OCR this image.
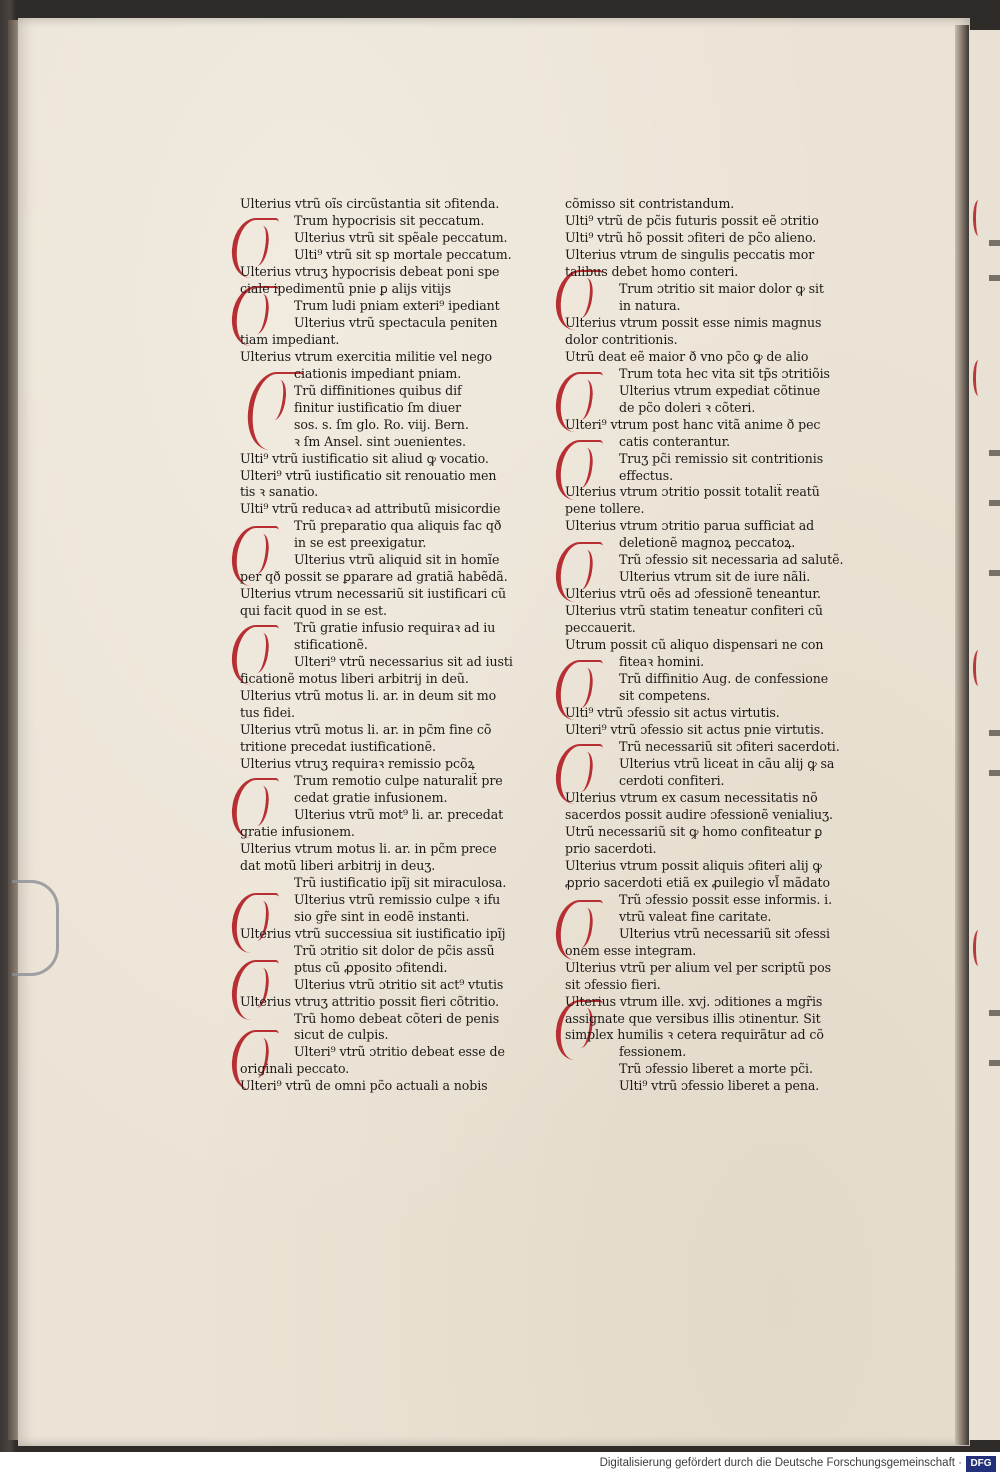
Ulterius vtrũ oĩs circũstantia sit ɔfitenda.
Trum hypocrisis sit peccatum.
Ulterius vtrũ sit spẽale peccatum.
Ulti⁹ vtrũ sit sp mortale peccatum.
Ulterius vtruʒ hypocrisis debeat poni spe
ciale ipedimentũ pnie ꝑ alijs vitijs
Trum ludi pniam exteri⁹ ipediant
Ulterius vtrũ spectacula peniten
tiam impediant.
Ulterius vtrum exercitia militie vel nego
ciationis impediant pniam.
Trũ diffinitiones quibus dif
finitur iustificatio ſm diuer
sos. s. ſm glo. Ro. viij. Bern.
ꝛ ſm Ansel. sint ɔuenientes.
Ulti⁹ vtrũ iustificatio sit aliud ꝙ vocatio.
Ulteri⁹ vtrũ iustificatio sit renouatio men
tis ꝛ sanatio.
Ulti⁹ vtrũ reducaꝛ ad attributũ misicordie
Trũ preparatio qua aliquis fac qð
in se est preexigatur.
Ulterius vtrũ aliquid sit in homĩe
per qð possit se ꝑparare ad gratiã habẽdã.
Ulterius vtrum necessariũ sit iustificari cũ
qui facit quod in se est.
Trũ gratie infusio requiraꝛ ad iu
stificationẽ.
Ulteri⁹ vtrũ necessarius sit ad iusti
ficationẽ motus liberi arbitrij in deũ.
Ulterius vtrũ motus li. ar. in deum sit mo
tus fidei.
Ulterius vtrũ motus li. ar. in pc̃m fine cõ
tritione precedat iustificationẽ.
Ulterius vtruʒ requiraꝛ remissio pcõꝝ
Trum remotio culpe naturalit̃ pre
cedat gratie infusionem.
Ulterius vtrũ mot⁹ li. ar. precedat
gratie infusionem.
Ulterius vtrum motus li. ar. in pc̃m prece
dat motũ liberi arbitrij in deuʒ.
Trũ iustificatio ipĩj sit miraculosa.
Ulterius vtrũ remissio culpe ꝛ ifu
sio gr̃e sint in eodẽ instanti.
Ulterius vtrũ successiua sit iustificatio ipĩj
Trũ ɔtritio sit dolor de pc̃is assũ
ptus cũ ꝓposito ɔfitendi.
Ulterius vtrũ ɔtritio sit act⁹ vtutis
Ulterius vtruʒ attritio possit fieri cõtritio.
Trũ homo debeat cõteri de penis
sicut de culpis.
Ulteri⁹ vtrũ ɔtritio debeat esse de
originali peccato.
Ulteri⁹ vtrũ de omni pc̃o actuali a nobis
cõmisso sit contristandum.
Ulti⁹ vtrũ de pc̃is futuris possit eẽ ɔtritio
Ulti⁹ vtrũ hõ possit ɔfiteri de pc̃o alieno.
Ulterius vtrum de singulis peccatis mor
talibus debet homo conteri.
Trum ɔtritio sit maior dolor ꝙ sit
in natura.
Ulterius vtrum possit esse nimis magnus
dolor contritionis.
Utrũ deat eẽ maior ð vno pc̃o ꝙ de alio
Trum tota hec vita sit tp̃s ɔtritiõis
Ulterius vtrum expediat cõtinue
de pc̃o doleri ꝛ cõteri.
Ulteri⁹ vtrum post hanc vitã anime ð pec
catis conterantur.
Truʒ pc̃i remissio sit contritionis
effectus.
Ulterius vtrum ɔtritio possit totalit̃ reatũ
pene tollere.
Ulterius vtrum ɔtritio parua sufficiat ad
deletionẽ magnoꝝ peccatoꝝ.
Trũ ɔfessio sit necessaria ad salutẽ.
Ulterius vtrum sit de iure nãli.
Ulterius vtrũ oẽs ad ɔfessionẽ teneantur.
Ulterius vtrũ statim teneatur confiteri cũ
peccauerit.
Utrum possit cũ aliquo dispensari ne con
fiteaꝛ homini.
Trũ diffinitio Aug. de confessione
sit competens.
Ulti⁹ vtrũ ɔfessio sit actus virtutis.
Ulteri⁹ vtrũ ɔfessio sit actus pnie virtutis.
Trũ necessariũ sit ɔfiteri sacerdoti.
Ulterius vtrũ liceat in cãu alij ꝙ sa
cerdoti confiteri.
Ulterius vtrum ex casum necessitatis nõ
sacerdos possit audire ɔfessionẽ venialiuʒ.
Utrũ necessariũ sit ꝙ homo confiteatur ꝑ
prio sacerdoti.
Ulterius vtrum possit aliquis ɔfiteri alij ꝙ
ꝓprio sacerdoti etiã ex ꝓuilegio vl̃ mãdato
Trũ ɔfessio possit esse informis. i.
vtrũ valeat fine caritate.
Ulterius vtrũ necessariũ sit ɔfessi
onem esse integram.
Ulterius vtrũ per alium vel per scriptũ pos
sit ɔfessio fieri.
Ulterius vtrum ille. xvj. ɔditiones a mgr̃is
assignate que versibus illis ɔtinentur. Sit
simplex humilis ꝛ cetera requirãtur ad cõ
fessionem.
Trũ ɔfessio liberet a morte pc̃i.
Ulti⁹ vtrũ ɔfessio liberet a pena.
Digitalisierung gefördert durch die Deutsche Forschungsgemeinschaft · DFG
